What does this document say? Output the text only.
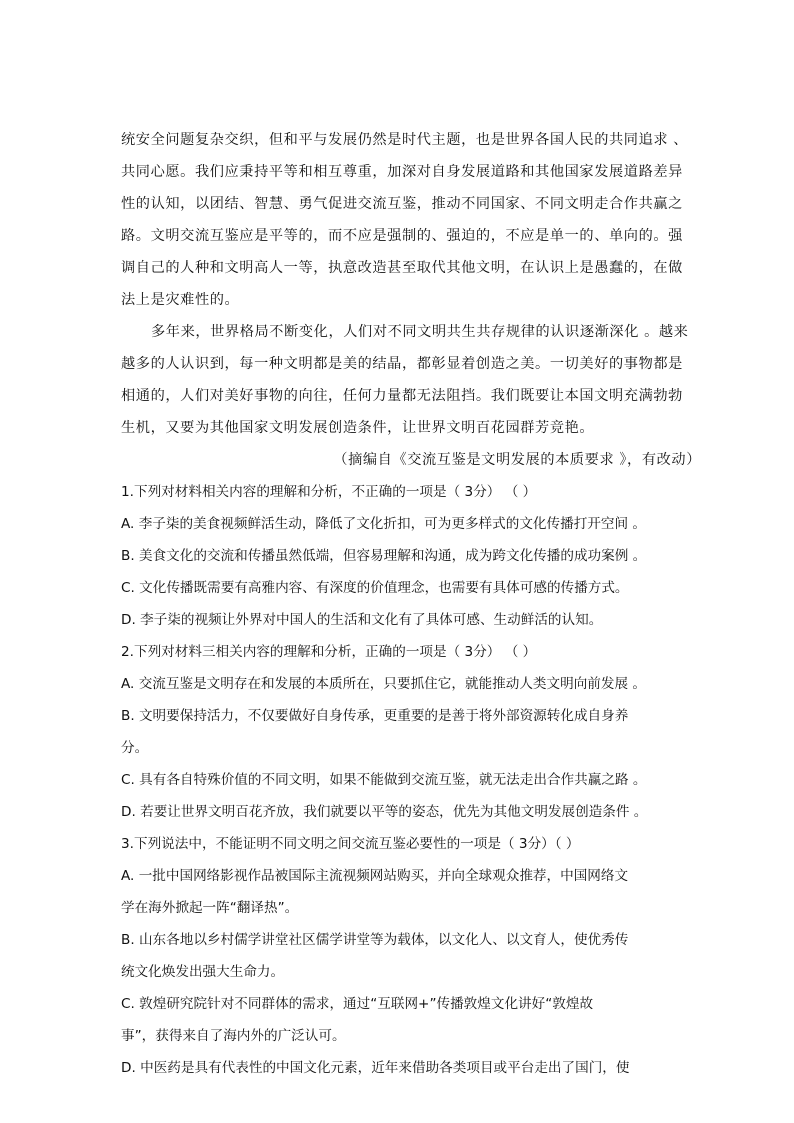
统安全问题复杂交织，但和平与发展仍然是时代主题，也是世界各国人民的共同追求 、
共同心愿。我们应秉持平等和相互尊重，加深对自身发展道路和其他国家发展道路差异
性的认知，以团结、智慧、勇气促进交流互鉴，推动不同国家、不同文明走合作共赢之
路。文明交流互鉴应是平等的，而不应是强制的、强迫的，不应是单一的、单向的。强
调自己的人种和文明高人一等，执意改造甚至取代其他文明，在认识上是愚蠢的，在做
法上是灾难性的。
多年来，世界格局不断变化，人们对不同文明共生共存规律的认识逐渐深化 。越来
越多的人认识到，每一种文明都是美的结晶，都彰显着创造之美。一切美好的事物都是
相通的，人们对美好事物的向往，任何力量都无法阻挡。我们既要让本国文明充满勃勃
生机，又要为其他国家文明发展创造条件，让世界文明百花园群芳竞艳。
（摘编自《交流互鉴是文明发展的本质要求 》，有改动）
1.下列对材料相关内容的理解和分析，不正确的一项是（ 3分） （ ）
A. 李子柒的美食视频鲜活生动，降低了文化折扣，可为更多样式的文化传播打开空间 。
B. 美食文化的交流和传播虽然低端，但容易理解和沟通，成为跨文化传播的成功案例 。
C. 文化传播既需要有高雅内容、有深度的价值理念，也需要有具体可感的传播方式。
D. 李子柒的视频让外界对中国人的生活和文化有了具体可感、生动鲜活的认知。
2.下列对材料三相关内容的理解和分析，正确的一项是（ 3分） （ ）
A. 交流互鉴是文明存在和发展的本质所在，只要抓住它，就能推动人类文明向前发展 。
B. 文明要保持活力，不仅要做好自身传承，更重要的是善于将外部资源转化成自身养
分。
C. 具有各自特殊价值的不同文明，如果不能做到交流互鉴，就无法走出合作共赢之路 。
D. 若要让世界文明百花齐放，我们就要以平等的姿态，优先为其他文明发展创造条件 。
3.下列说法中，不能证明不同文明之间交流互鉴必要性的一项是（ 3分）（ ）
A. 一批中国网络影视作品被国际主流视频网站购买，并向全球观众推荐，中国网络文
学在海外掀起一阵“翻译热”。
B. 山东各地以乡村儒学讲堂社区儒学讲堂等为载体，以文化人、以文育人，使优秀传
统文化焕发出强大生命力。
C. 敦煌研究院针对不同群体的需求，通过“互联网+”传播敦煌文化讲好“敦煌故
事”，获得来自了海内外的广泛认可。
D. 中医药是具有代表性的中国文化元素，近年来借助各类项目或平台走出了国门，使
